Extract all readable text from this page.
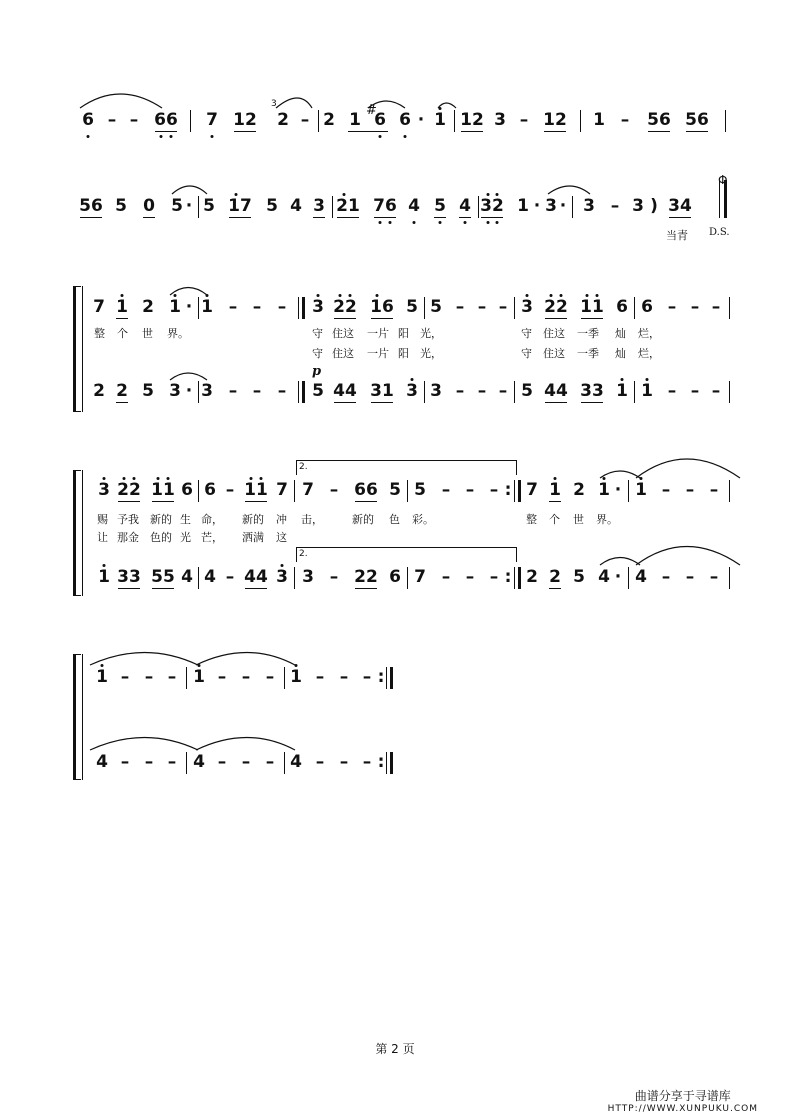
6 – – 66 7 12
3
2 – 2 1 #
6 6 · 1 12 3 – 12 1 – 56 56
56 5 0 5 · 5 17 5 4 3 21 76 4 5 4 32 1 · 3 · 3 – 3 ) 34
当青
Φ
D.S.
7 1 2 1 · 1 – – – 3 22 16 5 5 – – – 3 22 11 6 6 – – –
整 个 世 界。	守 住这 一片 阳 光，	守 住这 一季 灿 烂，
守 住这 一片 阳 光，	守 住这 一季 灿 烂，
p
2 2 5 3 · 3 – – – 5 44 31 3 3 – – – 5 44 33 1 1 – – –
3 22 11 6 6 – 11 7 7 – 66 5 5 – – – : 7 1 2 1 · 1 – – –
2.
赐 予我 新的 生 命， 新的 冲 击，	新的 色 彩。	整 个 世 界。
让 那金 色的 光 芒， 洒满 这
1 33 55 4 4 – 44 3 3 – 22 6 7 – – – : 2 2 5 4 · 4 – – –
2.
1 – – – 1 – – – 1 – – – :
4 – – – 4 – – – 4 – – – :
第 2 页
曲谱分享于寻谱库
HTTP://WWW.XUNPUKU.COM
